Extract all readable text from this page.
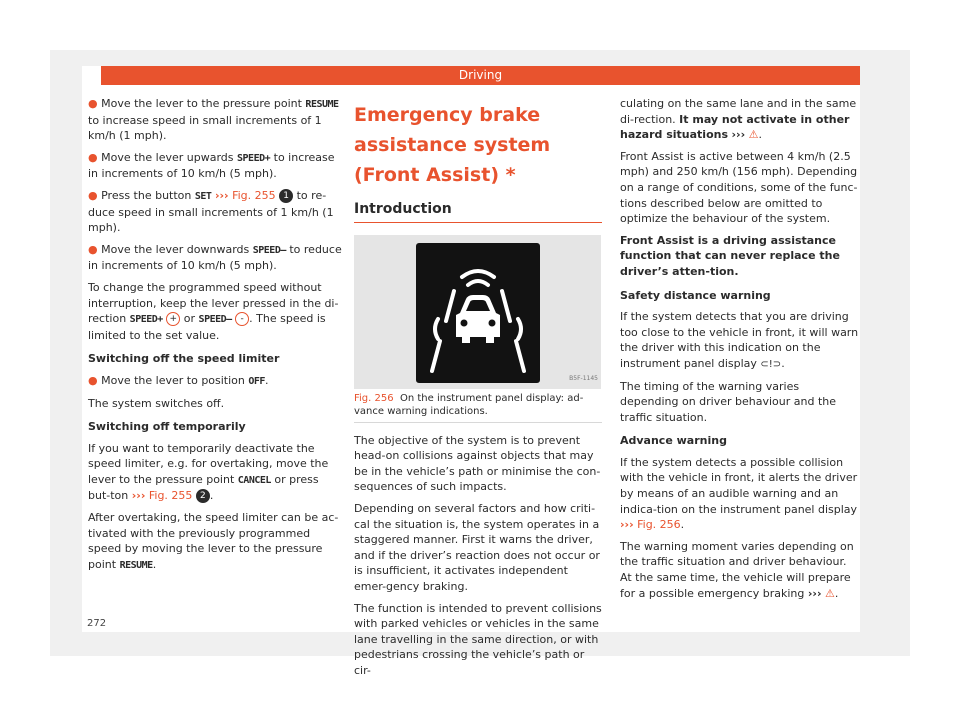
Driving

● Move the lever to the pressure point RESUME to increase speed in small increments of 1 km/h (1 mph).

● Move the lever upwards SPEED+ to increase in increments of 10 km/h (5 mph).

● Press the button SET ››› Fig. 255 1 to re-duce speed in small increments of 1 km/h (1 mph).

● Move the lever downwards SPEED– to reduce in increments of 10 km/h (5 mph).

To change the programmed speed without interruption, keep the lever pressed in the di-rection SPEED+ + or SPEED– - . The speed is limited to the set value.

Switching off the speed limiter

● Move the lever to position OFF.

The system switches off.

Switching off temporarily

If you want to temporarily deactivate the speed limiter, e.g. for overtaking, move the lever to the pressure point CANCEL or press but-ton ››› Fig. 255 2 .

After overtaking, the speed limiter can be ac-tivated with the previously programmed speed by moving the lever to the pressure point RESUME.

Emergency brake assistance system (Front Assist) *
Introduction
B5F-1145

Fig. 256 On the instrument panel display: ad-vance warning indications.

The objective of the system is to prevent head-on collisions against objects that may be in the vehicle’s path or minimise the con-sequences of such impacts.

Depending on several factors and how criti-cal the situation is, the system operates in a staggered manner. First it warns the driver, and if the driver’s reaction does not occur or is insufficient, it activates independent emer-gency braking.

The function is intended to prevent collisions with parked vehicles or vehicles in the same lane travelling in the same direction, or with pedestrians crossing the vehicle’s path or cir-

culating on the same lane and in the same di-rection. It may not activate in other hazard situations ››› ⚠.

Front Assist is active between 4 km/h (2.5 mph) and 250 km/h (156 mph). Depending on a range of conditions, some of the func-tions described below are omitted to optimize the behaviour of the system.

Front Assist is a driving assistance function that can never replace the driver’s atten-tion.

Safety distance warning

If the system detects that you are driving too close to the vehicle in front, it will warn the driver with this indication on the instrument panel display ⊂!⊃.

The timing of the warning varies depending on driver behaviour and the traffic situation.

Advance warning

If the system detects a possible collision with the vehicle in front, it alerts the driver by means of an audible warning and an indica-tion on the instrument panel display ››› Fig. 256.

The warning moment varies depending on the traffic situation and driver behaviour. At the same time, the vehicle will prepare for a possible emergency braking ››› ⚠.

272
